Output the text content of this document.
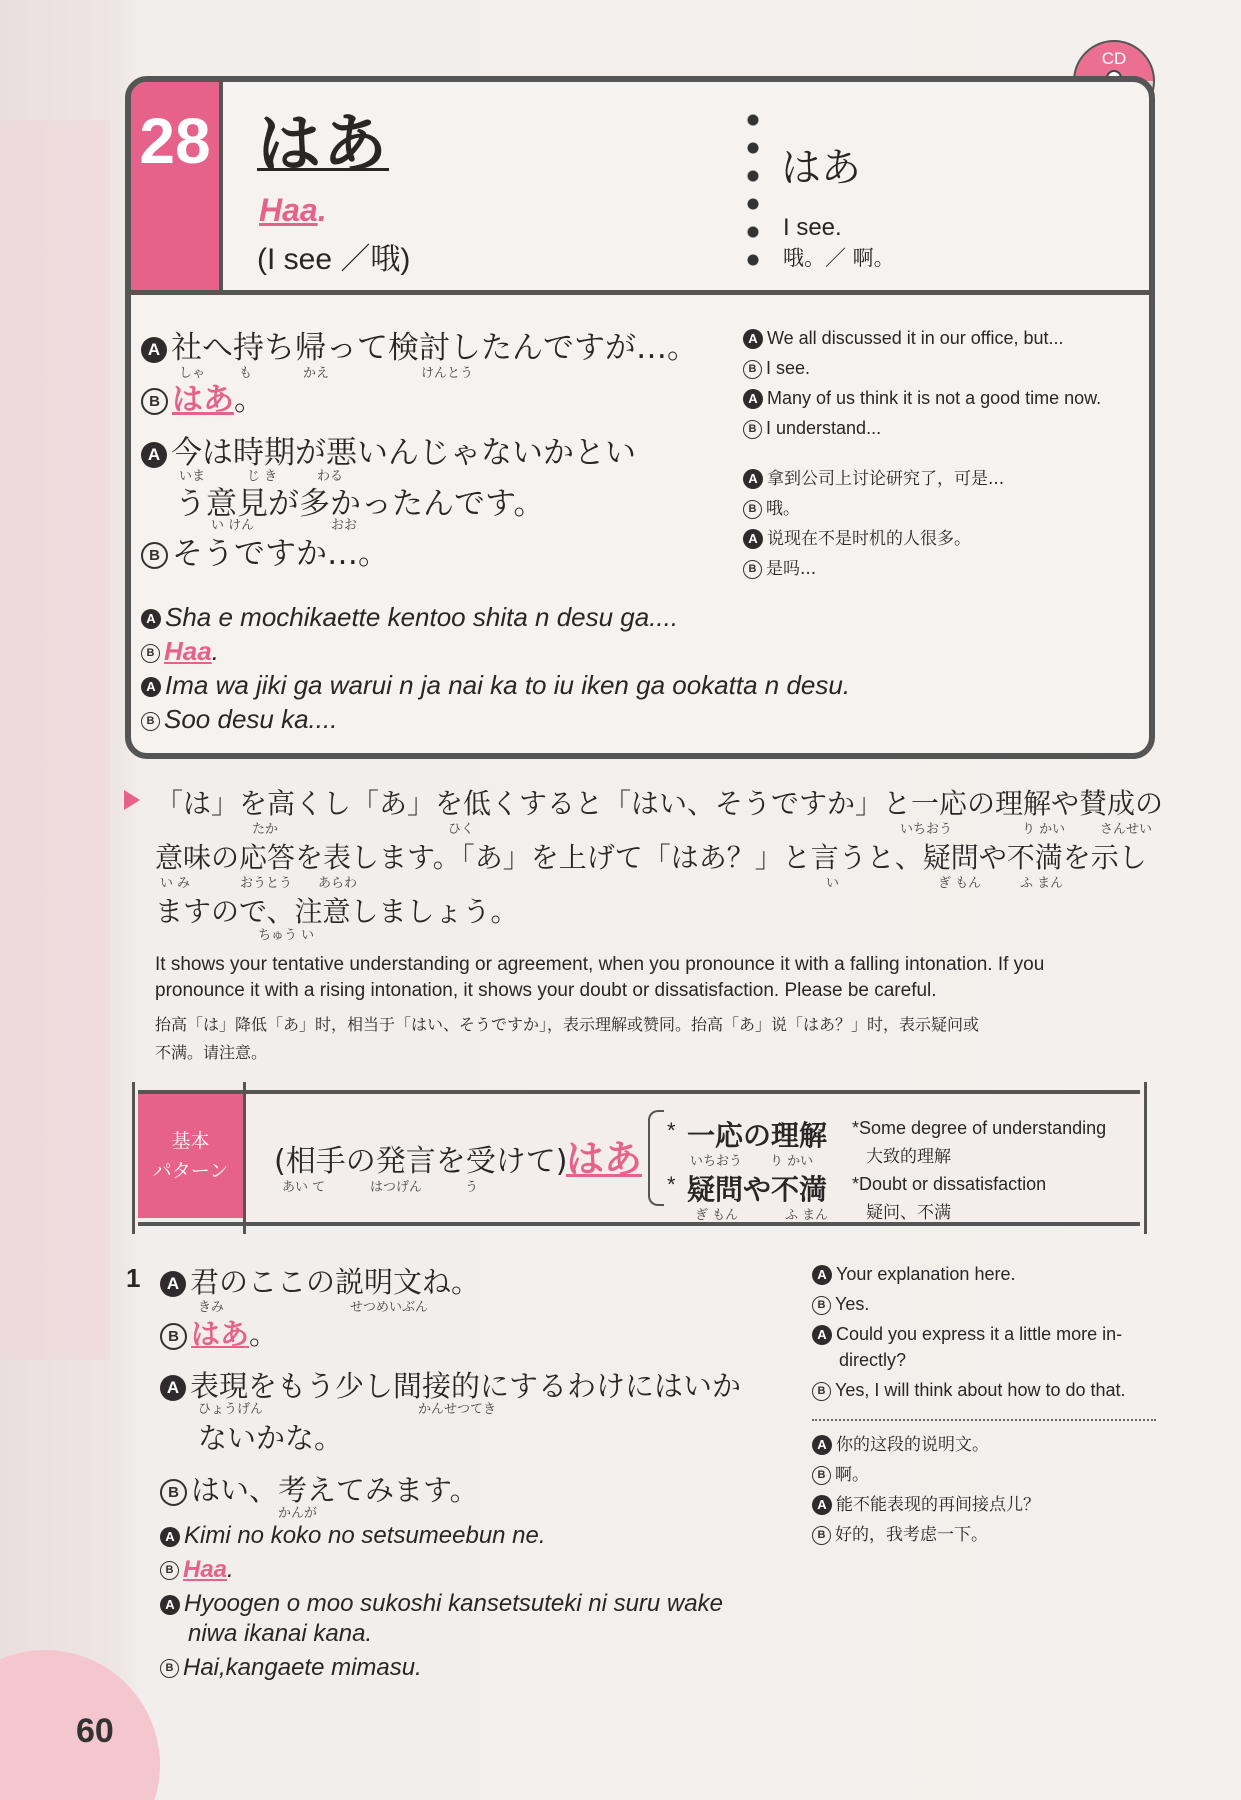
CD
28 はあ
Haa.
(I see ／哦)
はあ
I see.
哦。／ 啊。
A 社へ持ち帰って検討したんですが…。
しゃ	も	かえ	けんとう
B はあ。
A 今は時期が悪いんじゃないかとい
いま	じ き	わる
う意見が多かったんです。
い けん	おお
B そうですか…。
A We all discussed it in our office, but...
B I see.
A Many of us think it is not a good time now.
B I understand...
A 拿到公司上讨论研究了，可是...
B 哦。
A 说现在不是时机的人很多。
B 是吗...
A Sha e mochikaette kentoo shita n desu ga....
B Haa.
A Ima wa jiki ga warui n ja nai ka to iu iken ga ookatta n desu.
B Soo desu ka....
「は」を高くし「あ」を低くすると「はい、そうですか」と一応の理解や賛成の
たか	ひく	いちおう	り かい	さんせい
意味の応答を表します。「あ」を上げて「はあ？」と言うと、疑問や不満を示し
い み	おうとう あらわ	い	ぎ もん	ふ まん
ますので、注意しましょう。
ちゅう い
It shows your tentative understanding or agreement, when you pronounce it with a falling intonation. If you
pronounce it with a rising intonation, it shows your doubt or dissatisfaction. Please be careful.
抬高「は」降低「あ」时，相当于「はい、そうですか」，表示理解或赞同。抬高「あ」说「はあ？」时，表示疑问或
不满。请注意。
基本
パターン	(相手の発言を受けて)
あい て	はつげん	う
はあ
* 一応の理解
いちおう り かい
*Some degree of understanding
大致的理解
* 疑問や不満
ぎ もん	ふ まん
*Doubt or dissatisfaction
疑问、不满
1	A 君のここの説明文ね。
きみ	せつめいぶん
B はあ。
A 表現をもう少し間接的にするわけにはいか
ひょうげん	かんせつてき
ないかな。
B はい、考えてみます。
かんが
A Kimi no koko no setsumeebun ne.
B Haa.
A Hyoogen o moo sukoshi kansetsuteki ni suru wake
niwa ikanai kana.
B Hai,kangaete mimasu.
A Your explanation here.
B Yes.
A Could you express it a little more in-
directly?
B Yes, I will think about how to do that.
A 你的这段的说明文。
B 啊。
A 能不能表现的再间接点儿？
B 好的，我考虑一下。
60
